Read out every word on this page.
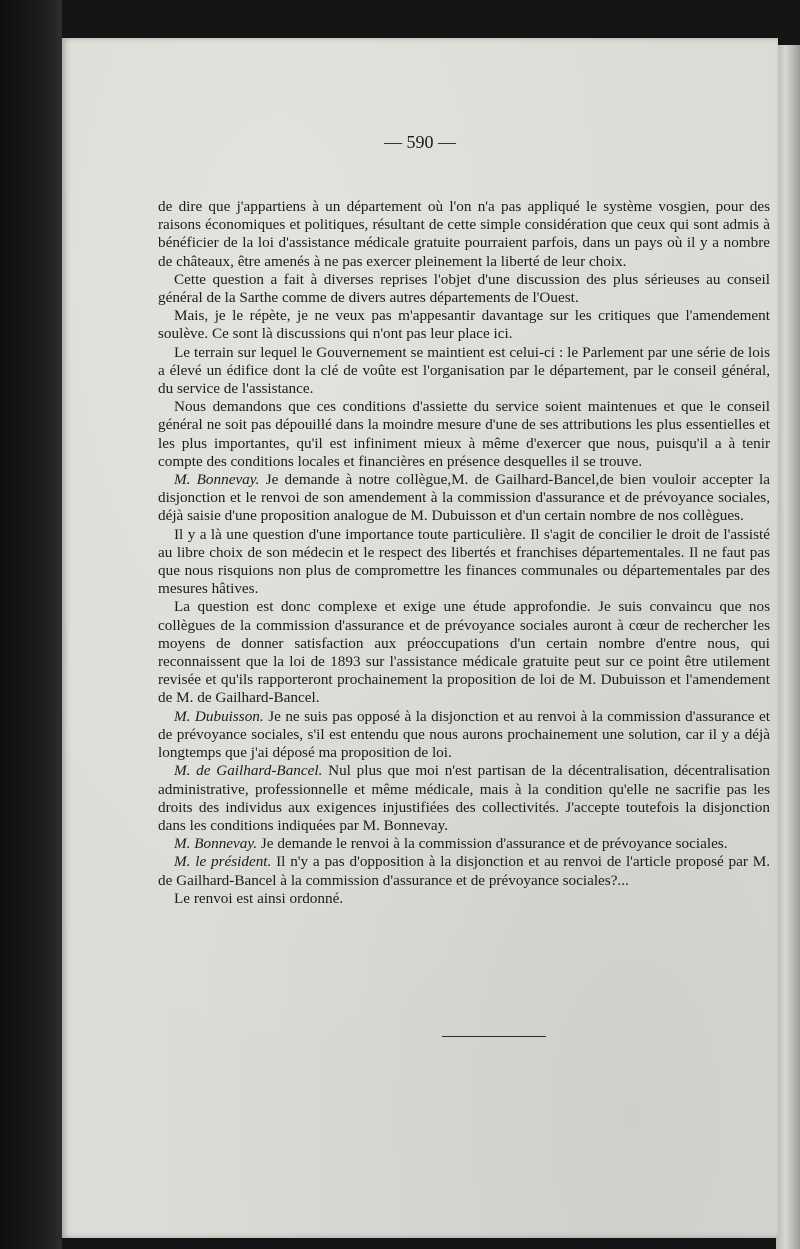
— 590 —

de dire que j'appartiens à un département où l'on n'a pas appliqué le système vosgien, pour des raisons économiques et politiques, résultant de cette simple considération que ceux qui sont admis à bénéficier de la loi d'assistance médicale gratuite pourraient parfois, dans un pays où il y a nombre de châteaux, être amenés à ne pas exercer pleinement la liberté de leur choix.

Cette question a fait à diverses reprises l'objet d'une discussion des plus sérieuses au conseil général de la Sarthe comme de divers autres départements de l'Ouest.

Mais, je le répète, je ne veux pas m'appesantir davantage sur les critiques que l'amendement soulève. Ce sont là discussions qui n'ont pas leur place ici.

Le terrain sur lequel le Gouvernement se maintient est celui-ci : le Parlement par une série de lois a élevé un édifice dont la clé de voûte est l'organisation par le département, par le conseil général, du service de l'assistance.

Nous demandons que ces conditions d'assiette du service soient maintenues et que le conseil général ne soit pas dépouillé dans la moindre mesure d'une de ses attributions les plus essentielles et les plus importantes, qu'il est infiniment mieux à même d'exercer que nous, puisqu'il a à tenir compte des conditions locales et financières en présence desquelles il se trouve.

M. Bonnevay. Je demande à notre collègue,M. de Gailhard-Bancel,de bien vouloir accepter la disjonction et le renvoi de son amendement à la commission d'assurance et de prévoyance sociales, déjà saisie d'une proposition analogue de M. Dubuisson et d'un certain nombre de nos collègues.

Il y a là une question d'une importance toute particulière. Il s'agit de concilier le droit de l'assisté au libre choix de son médecin et le respect des libertés et franchises départementales. Il ne faut pas que nous risquions non plus de compromettre les finances communales ou départementales par des mesures hâtives.

La question est donc complexe et exige une étude approfondie. Je suis convaincu que nos collègues de la commission d'assurance et de prévoyance sociales auront à cœur de rechercher les moyens de donner satisfaction aux préoccupations d'un certain nombre d'entre nous, qui reconnaissent que la loi de 1893 sur l'assistance médicale gratuite peut sur ce point être utilement revisée et qu'ils rapporteront prochainement la proposition de loi de M. Dubuisson et l'amendement de M. de Gailhard-Bancel.

M. Dubuisson. Je ne suis pas opposé à la disjonction et au renvoi à la commission d'assurance et de prévoyance sociales, s'il est entendu que nous aurons prochainement une solution, car il y a déjà longtemps que j'ai déposé ma proposition de loi.

M. de Gailhard-Bancel. Nul plus que moi n'est partisan de la décentralisation, décentralisation administrative, professionnelle et même médicale, mais à la condition qu'elle ne sacrifie pas les droits des individus aux exigences injustifiées des collectivités. J'accepte toutefois la disjonction dans les conditions indiquées par M. Bonnevay.

M. Bonnevay. Je demande le renvoi à la commission d'assurance et de prévoyance sociales.

M. le président. Il n'y a pas d'opposition à la disjonction et au renvoi de l'article proposé par M. de Gailhard-Bancel à la commission d'assurance et de prévoyance sociales?...

Le renvoi est ainsi ordonné.
